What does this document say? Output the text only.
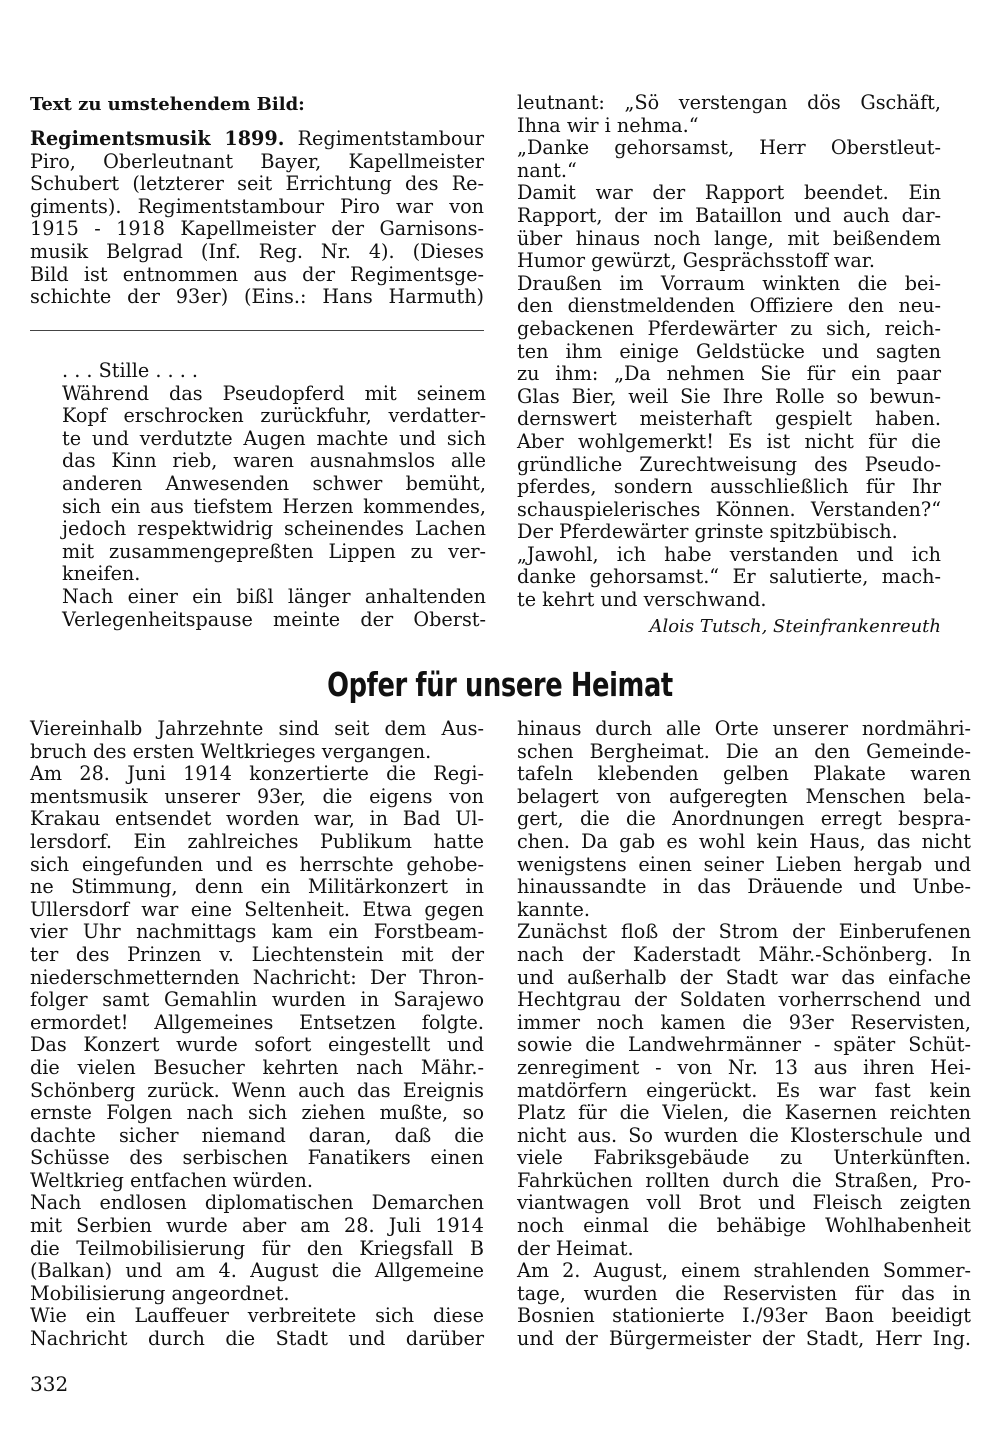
Text zu umstehendem Bild:
Regimentsmusik 1899. Regimentstambour
Piro, Oberleutnant Bayer, Kapellmeister
Schubert (letzterer seit Errichtung des Re-
giments). Regimentstambour Piro war von
1915 - 1918 Kapellmeister der Garnisons-
musik Belgrad (Inf. Reg. Nr. 4). (Dieses
Bild ist entnommen aus der Regimentsge-
schichte der 93er) (Eins.: Hans Harmuth)
. . . Stille . . . .
Während das Pseudopferd mit seinem
Kopf erschrocken zurückfuhr, verdatter-
te und verdutzte Augen machte und sich
das Kinn rieb, waren ausnahmslos alle
anderen Anwesenden schwer bemüht,
sich ein aus tiefstem Herzen kommendes,
jedoch respektwidrig scheinendes Lachen
mit zusammengepreßten Lippen zu ver-
kneifen.
Nach einer ein bißl länger anhaltenden
Verlegenheitspause meinte der Oberst-
leutnant: „Sö verstengan dös Gschäft,
Ihna wir i nehma.“
„Danke gehorsamst, Herr Oberstleut-
nant.“
Damit war der Rapport beendet. Ein
Rapport, der im Bataillon und auch dar-
über hinaus noch lange, mit beißendem
Humor gewürzt, Gesprächsstoff war.
Draußen im Vorraum winkten die bei-
den dienstmeldenden Offiziere den neu-
gebackenen Pferdewärter zu sich, reich-
ten ihm einige Geldstücke und sagten
zu ihm: „Da nehmen Sie für ein paar
Glas Bier, weil Sie Ihre Rolle so bewun-
dernswert meisterhaft gespielt haben.
Aber wohlgemerkt! Es ist nicht für die
gründliche Zurechtweisung des Pseudo-
pferdes, sondern ausschließlich für Ihr
schauspielerisches Können. Verstanden?“
Der Pferdewärter grinste spitzbübisch.
„Jawohl, ich habe verstanden und ich
danke gehorsamst.“ Er salutierte, mach-
te kehrt und verschwand.
Alois Tutsch, Steinfrankenreuth
Opfer für unsere Heimat
Viereinhalb Jahrzehnte sind seit dem Aus-
bruch des ersten Weltkrieges vergangen.
Am 28. Juni 1914 konzertierte die Regi-
mentsmusik unserer 93er, die eigens von
Krakau entsendet worden war, in Bad Ul-
lersdorf. Ein zahlreiches Publikum hatte
sich eingefunden und es herrschte gehobe-
ne Stimmung, denn ein Militärkonzert in
Ullersdorf war eine Seltenheit. Etwa gegen
vier Uhr nachmittags kam ein Forstbeam-
ter des Prinzen v. Liechtenstein mit der
niederschmetternden Nachricht: Der Thron-
folger samt Gemahlin wurden in Sarajewo
ermordet! Allgemeines Entsetzen folgte.
Das Konzert wurde sofort eingestellt und
die vielen Besucher kehrten nach Mähr.-
Schönberg zurück. Wenn auch das Ereignis
ernste Folgen nach sich ziehen mußte, so
dachte sicher niemand daran, daß die
Schüsse des serbischen Fanatikers einen
Weltkrieg entfachen würden.
Nach endlosen diplomatischen Demarchen
mit Serbien wurde aber am 28. Juli 1914
die Teilmobilisierung für den Kriegsfall B
(Balkan) und am 4. August die Allgemeine
Mobilisierung angeordnet.
Wie ein Lauffeuer verbreitete sich diese
Nachricht durch die Stadt und darüber
hinaus durch alle Orte unserer nordmähri-
schen Bergheimat. Die an den Gemeinde-
tafeln klebenden gelben Plakate waren
belagert von aufgeregten Menschen bela-
gert, die die Anordnungen erregt bespra-
chen. Da gab es wohl kein Haus, das nicht
wenigstens einen seiner Lieben hergab und
hinaussandte in das Dräuende und Unbe-
kannte.
Zunächst floß der Strom der Einberufenen
nach der Kaderstadt Mähr.-Schönberg. In
und außerhalb der Stadt war das einfache
Hechtgrau der Soldaten vorherrschend und
immer noch kamen die 93er Reservisten,
sowie die Landwehrmänner - später Schüt-
zenregiment - von Nr. 13 aus ihren Hei-
matdörfern eingerückt. Es war fast kein
Platz für die Vielen, die Kasernen reichten
nicht aus. So wurden die Klosterschule und
viele Fabriksgebäude zu Unterkünften.
Fahrküchen rollten durch die Straßen, Pro-
viantwagen voll Brot und Fleisch zeigten
noch einmal die behäbige Wohlhabenheit
der Heimat.
Am 2. August, einem strahlenden Sommer-
tage, wurden die Reservisten für das in
Bosnien stationierte I./93er Baon beeidigt
und der Bürgermeister der Stadt, Herr Ing.
332
